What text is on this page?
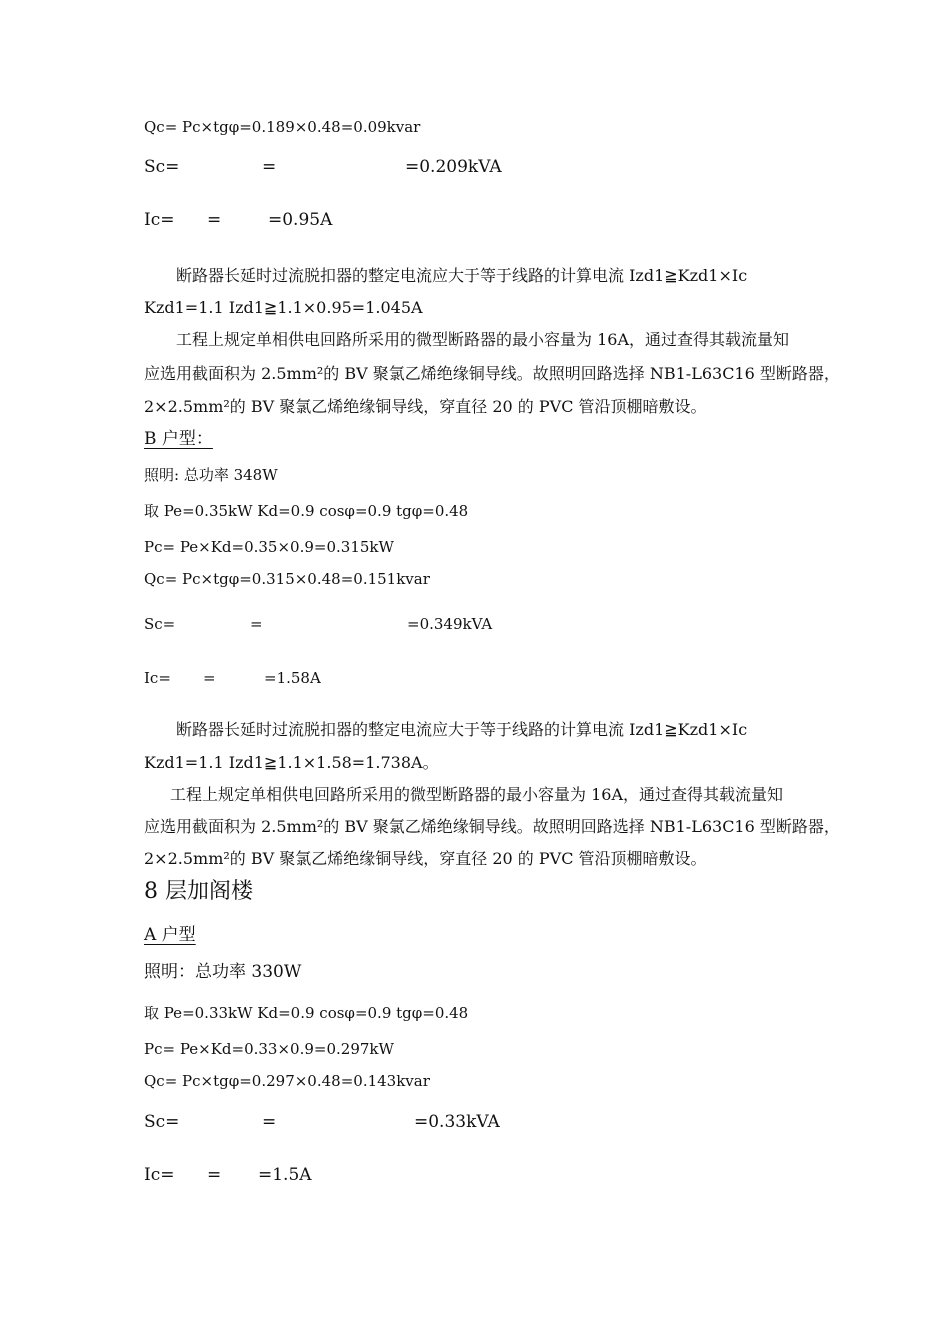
Qc= Pc×tgφ=0.189×0.48=0.09kvar
Sc=	=	=0.209kVA
Ic= =	=0.95A
断路器长延时过流脱扣器的整定电流应大于等于线路的计算电流 Izd1≧Kzd1×Ic
Kzd1=1.1 Izd1≧1.1×0.95=1.045A
工程上规定单相供电回路所采用的微型断路器的最小容量为 16A，通过查得其载流量知
应选用截面积为 2.5mm²的 BV 聚氯乙烯绝缘铜导线。故照明回路选择 NB1-L63C16 型断路器，
2×2.5mm²的 BV 聚氯乙烯绝缘铜导线，穿直径 20 的 PVC 管沿顶棚暗敷设。
B 户型：
照明: 总功率 348W
取 Pe=0.35kW Kd=0.9 cosφ=0.9 tgφ=0.48
Pc= Pe×Kd=0.35×0.9=0.315kW
Qc= Pc×tgφ=0.315×0.48=0.151kvar
Sc=	=	=0.349kVA
Ic= =	=1.58A
断路器长延时过流脱扣器的整定电流应大于等于线路的计算电流 Izd1≧Kzd1×Ic
Kzd1=1.1 Izd1≧1.1×1.58=1.738A。
工程上规定单相供电回路所采用的微型断路器的最小容量为 16A，通过查得其载流量知
应选用截面积为 2.5mm²的 BV 聚氯乙烯绝缘铜导线。故照明回路选择 NB1-L63C16 型断路器，
2×2.5mm²的 BV 聚氯乙烯绝缘铜导线，穿直径 20 的 PVC 管沿顶棚暗敷设。
8 层加阁楼
A 户型
照明：总功率 330W
取 Pe=0.33kW Kd=0.9 cosφ=0.9 tgφ=0.48
Pc= Pe×Kd=0.33×0.9=0.297kW
Qc= Pc×tgφ=0.297×0.48=0.143kvar
Sc=	=	=0.33kVA
Ic= = =1.5A
